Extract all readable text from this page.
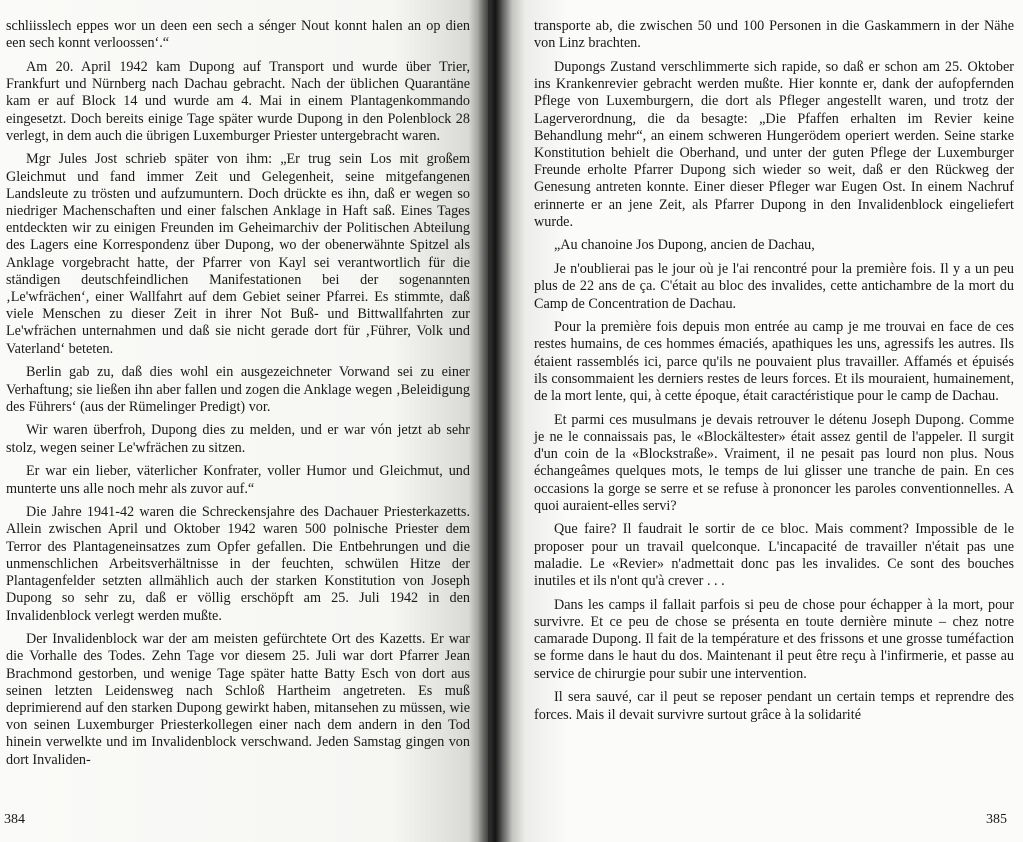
schliisslech eppes wor un deen een sech a sénger Nout konnt halen an op dien een sech konnt verloossen‘.“

Am 20. April 1942 kam Dupong auf Transport und wurde über Trier, Frankfurt und Nürnberg nach Dachau gebracht. Nach der üblichen Quarantäne kam er auf Block 14 und wurde am 4. Mai in einem Plantagenkommando eingesetzt. Doch bereits einige Tage später wurde Dupong in den Polenblock 28 verlegt, in dem auch die übrigen Luxemburger Priester untergebracht waren.

Mgr Jules Jost schrieb später von ihm: „Er trug sein Los mit großem Gleichmut und fand immer Zeit und Gelegenheit, seine mitgefangenen Landsleute zu trösten und aufzumuntern. Doch drückte es ihn, daß er wegen so niedriger Machenschaften und einer falschen Anklage in Haft saß. Eines Tages entdeckten wir zu einigen Freunden im Geheimarchiv der Politischen Abteilung des Lagers eine Korrespondenz über Dupong, wo der obenerwähnte Spitzel als Anklage vorgebracht hatte, der Pfarrer von Kayl sei verantwortlich für die ständigen deutschfeindlichen Manifestationen bei der sogenannten ‚Le'wfrächen‘, einer Wallfahrt auf dem Gebiet seiner Pfarrei. Es stimmte, daß viele Menschen zu dieser Zeit in ihrer Not Buß- und Bittwallfahrten zur Le'wfrächen unternahmen und daß sie nicht gerade dort für ‚Führer, Volk und Vaterland‘ beteten.

Berlin gab zu, daß dies wohl ein ausgezeichneter Vorwand sei zu einer Verhaftung; sie ließen ihn aber fallen und zogen die Anklage wegen ‚Beleidigung des Führers‘ (aus der Rümelinger Predigt) vor.

Wir waren überfroh, Dupong dies zu melden, und er war vón jetzt ab sehr stolz, wegen seiner Le'wfrächen zu sitzen.

Er war ein lieber, väterlicher Konfrater, voller Humor und Gleichmut, und munterte uns alle noch mehr als zuvor auf.“

Die Jahre 1941-42 waren die Schreckensjahre des Dachauer Priesterkazetts. Allein zwischen April und Oktober 1942 waren 500 polnische Priester dem Terror des Plantageneinsatzes zum Opfer gefallen. Die Entbehrungen und die unmenschlichen Arbeitsverhältnisse in der feuchten, schwülen Hitze der Plantagenfelder setzten allmählich auch der starken Konstitution von Joseph Dupong so sehr zu, daß er völlig erschöpft am 25. Juli 1942 in den Invalidenblock verlegt werden mußte.

Der Invalidenblock war der am meisten gefürchtete Ort des Kazetts. Er war die Vorhalle des Todes. Zehn Tage vor diesem 25. Juli war dort Pfarrer Jean Brachmond gestorben, und wenige Tage später hatte Batty Esch von dort aus seinen letzten Leidensweg nach Schloß Hartheim angetreten. Es muß deprimierend auf den starken Dupong gewirkt haben, mitansehen zu müssen, wie von seinen Luxemburger Priesterkollegen einer nach dem andern in den Tod hinein verwelkte und im Invalidenblock verschwand. Jeden Samstag gingen von dort Invaliden-

384

transporte ab, die zwischen 50 und 100 Personen in die Gaskammern in der Nähe von Linz brachten.

Dupongs Zustand verschlimmerte sich rapide, so daß er schon am 25. Oktober ins Krankenrevier gebracht werden mußte. Hier konnte er, dank der aufopfernden Pflege von Luxemburgern, die dort als Pfleger angestellt waren, und trotz der Lagerverordnung, die da besagte: „Die Pfaffen erhalten im Revier keine Behandlung mehr“, an einem schweren Hungerödem operiert werden. Seine starke Konstitution behielt die Oberhand, und unter der guten Pflege der Luxemburger Freunde erholte Pfarrer Dupong sich wieder so weit, daß er den Rückweg der Genesung antreten konnte. Einer dieser Pfleger war Eugen Ost. In einem Nachruf erinnerte er an jene Zeit, als Pfarrer Dupong in den Invalidenblock eingeliefert wurde.

„Au chanoine Jos Dupong, ancien de Dachau,

Je n'oublierai pas le jour où je l'ai rencontré pour la première fois. Il y a un peu plus de 22 ans de ça. C'était au bloc des invalides, cette antichambre de la mort du Camp de Concentration de Dachau.

Pour la première fois depuis mon entrée au camp je me trouvai en face de ces restes humains, de ces hommes émaciés, apathiques les uns, agressifs les autres. Ils étaient rassemblés ici, parce qu'ils ne pouvaient plus travailler. Affamés et épuisés ils consommaient les derniers restes de leurs forces. Et ils mouraient, humainement, de la mort lente, qui, à cette époque, était caractéristique pour le camp de Dachau.

Et parmi ces musulmans je devais retrouver le détenu Joseph Dupong. Comme je ne le connaissais pas, le «Blockältester» était assez gentil de l'appeler. Il surgit d'un coin de la «Blockstraße». Vraiment, il ne pesait pas lourd non plus. Nous échangeâmes quelques mots, le temps de lui glisser une tranche de pain. En ces occasions la gorge se serre et se refuse à prononcer les paroles conventionnelles. A quoi auraient-elles servi?

Que faire? Il faudrait le sortir de ce bloc. Mais comment? Impossible de le proposer pour un travail quelconque. L'incapacité de travailler n'était pas une maladie. Le «Revier» n'admettait donc pas les invalides. Ce sont des bouches inutiles et ils n'ont qu'à crever . . .

Dans les camps il fallait parfois si peu de chose pour échapper à la mort, pour survivre. Et ce peu de chose se présenta en toute dernière minute – chez notre camarade Dupong. Il fait de la température et des frissons et une grosse tuméfaction se forme dans le haut du dos. Maintenant il peut être reçu à l'infirmerie, et passe au service de chirurgie pour subir une intervention.

Il sera sauvé, car il peut se reposer pendant un certain temps et reprendre des forces. Mais il devait survivre surtout grâce à la solidarité

385
